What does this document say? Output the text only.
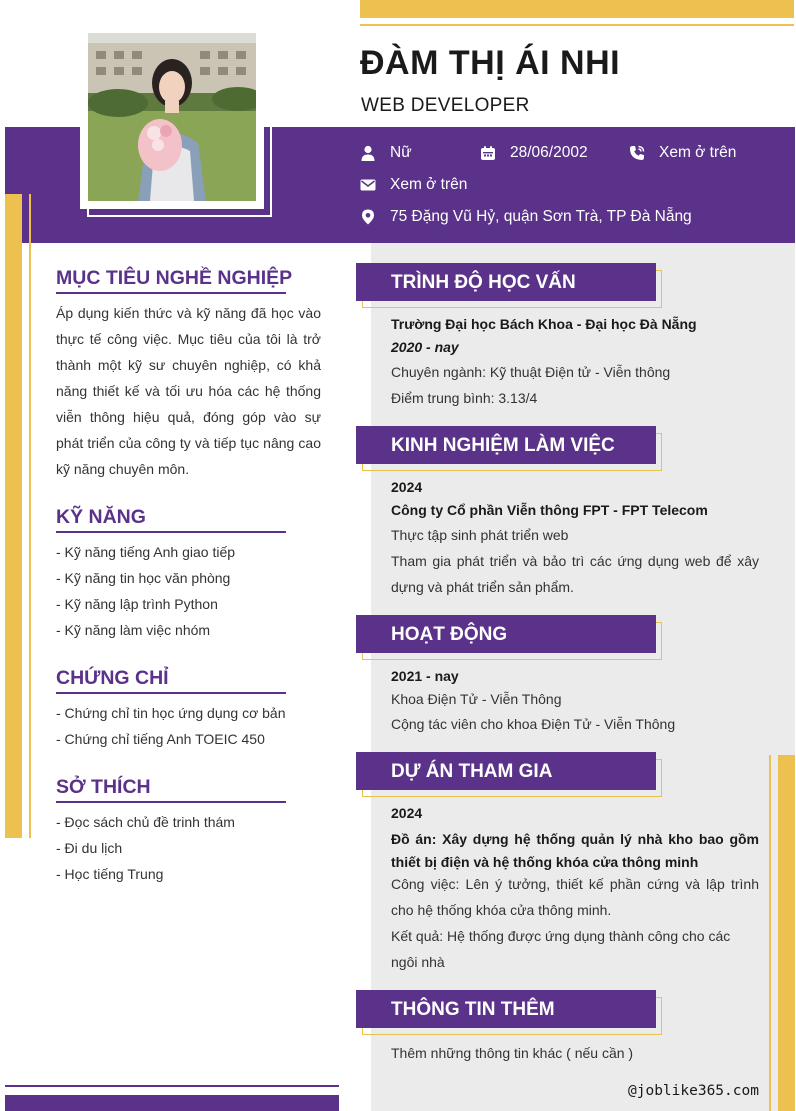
ĐÀM THỊ ÁI NHI
WEB DEVELOPER
Nữ	28/06/2002	Xem ở trên
Xem ở trên
75 Đặng Vũ Hỷ, quận Sơn Trà, TP Đà Nẵng
MỤC TIÊU NGHỀ NGHIỆP
Áp dụng kiến thức và kỹ năng đã học vào thực tế công việc. Mục tiêu của tôi là trở thành một kỹ sư chuyên nghiệp, có khả năng thiết kế và tối ưu hóa các hệ thống viễn thông hiệu quả, đóng góp vào sự phát triển của công ty và tiếp tục nâng cao kỹ năng chuyên môn.
KỸ NĂNG
- Kỹ năng tiếng Anh giao tiếp
- Kỹ năng tin học văn phòng
- Kỹ năng lập trình Python
- Kỹ năng làm việc nhóm
CHỨNG CHỈ
- Chứng chỉ tin học ứng dụng cơ bản
- Chứng chỉ tiếng Anh TOEIC 450
SỞ THÍCH
- Đọc sách chủ đề trinh thám
- Đi du lịch
- Học tiếng Trung
TRÌNH ĐỘ HỌC VẤN
Trường Đại học Bách Khoa - Đại học Đà Nẵng
2020 - nay
Chuyên ngành: Kỹ thuật Điện tử - Viễn thông
Điểm trung bình: 3.13/4
KINH NGHIỆM LÀM VIỆC
2024
Công ty Cổ phần Viễn thông FPT - FPT Telecom
Thực tập sinh phát triển web
Tham gia phát triển và bảo trì các ứng dụng web để xây dựng và phát triển sản phẩm.
HOẠT ĐỘNG
2021 - nay
Khoa Điện Tử - Viễn Thông
Cộng tác viên cho khoa Điện Tử - Viễn Thông
DỰ ÁN THAM GIA
2024
Đồ án: Xây dựng hệ thống quản lý nhà kho bao gồm thiết bị điện và hệ thống khóa cửa thông minh
Công việc: Lên ý tưởng, thiết kế phần cứng và lập trình cho hệ thống khóa cửa thông minh.
Kết quả: Hệ thống được ứng dụng thành công cho các ngôi nhà
THÔNG TIN THÊM
Thêm những thông tin khác ( nếu cần )
@joblike365.com
